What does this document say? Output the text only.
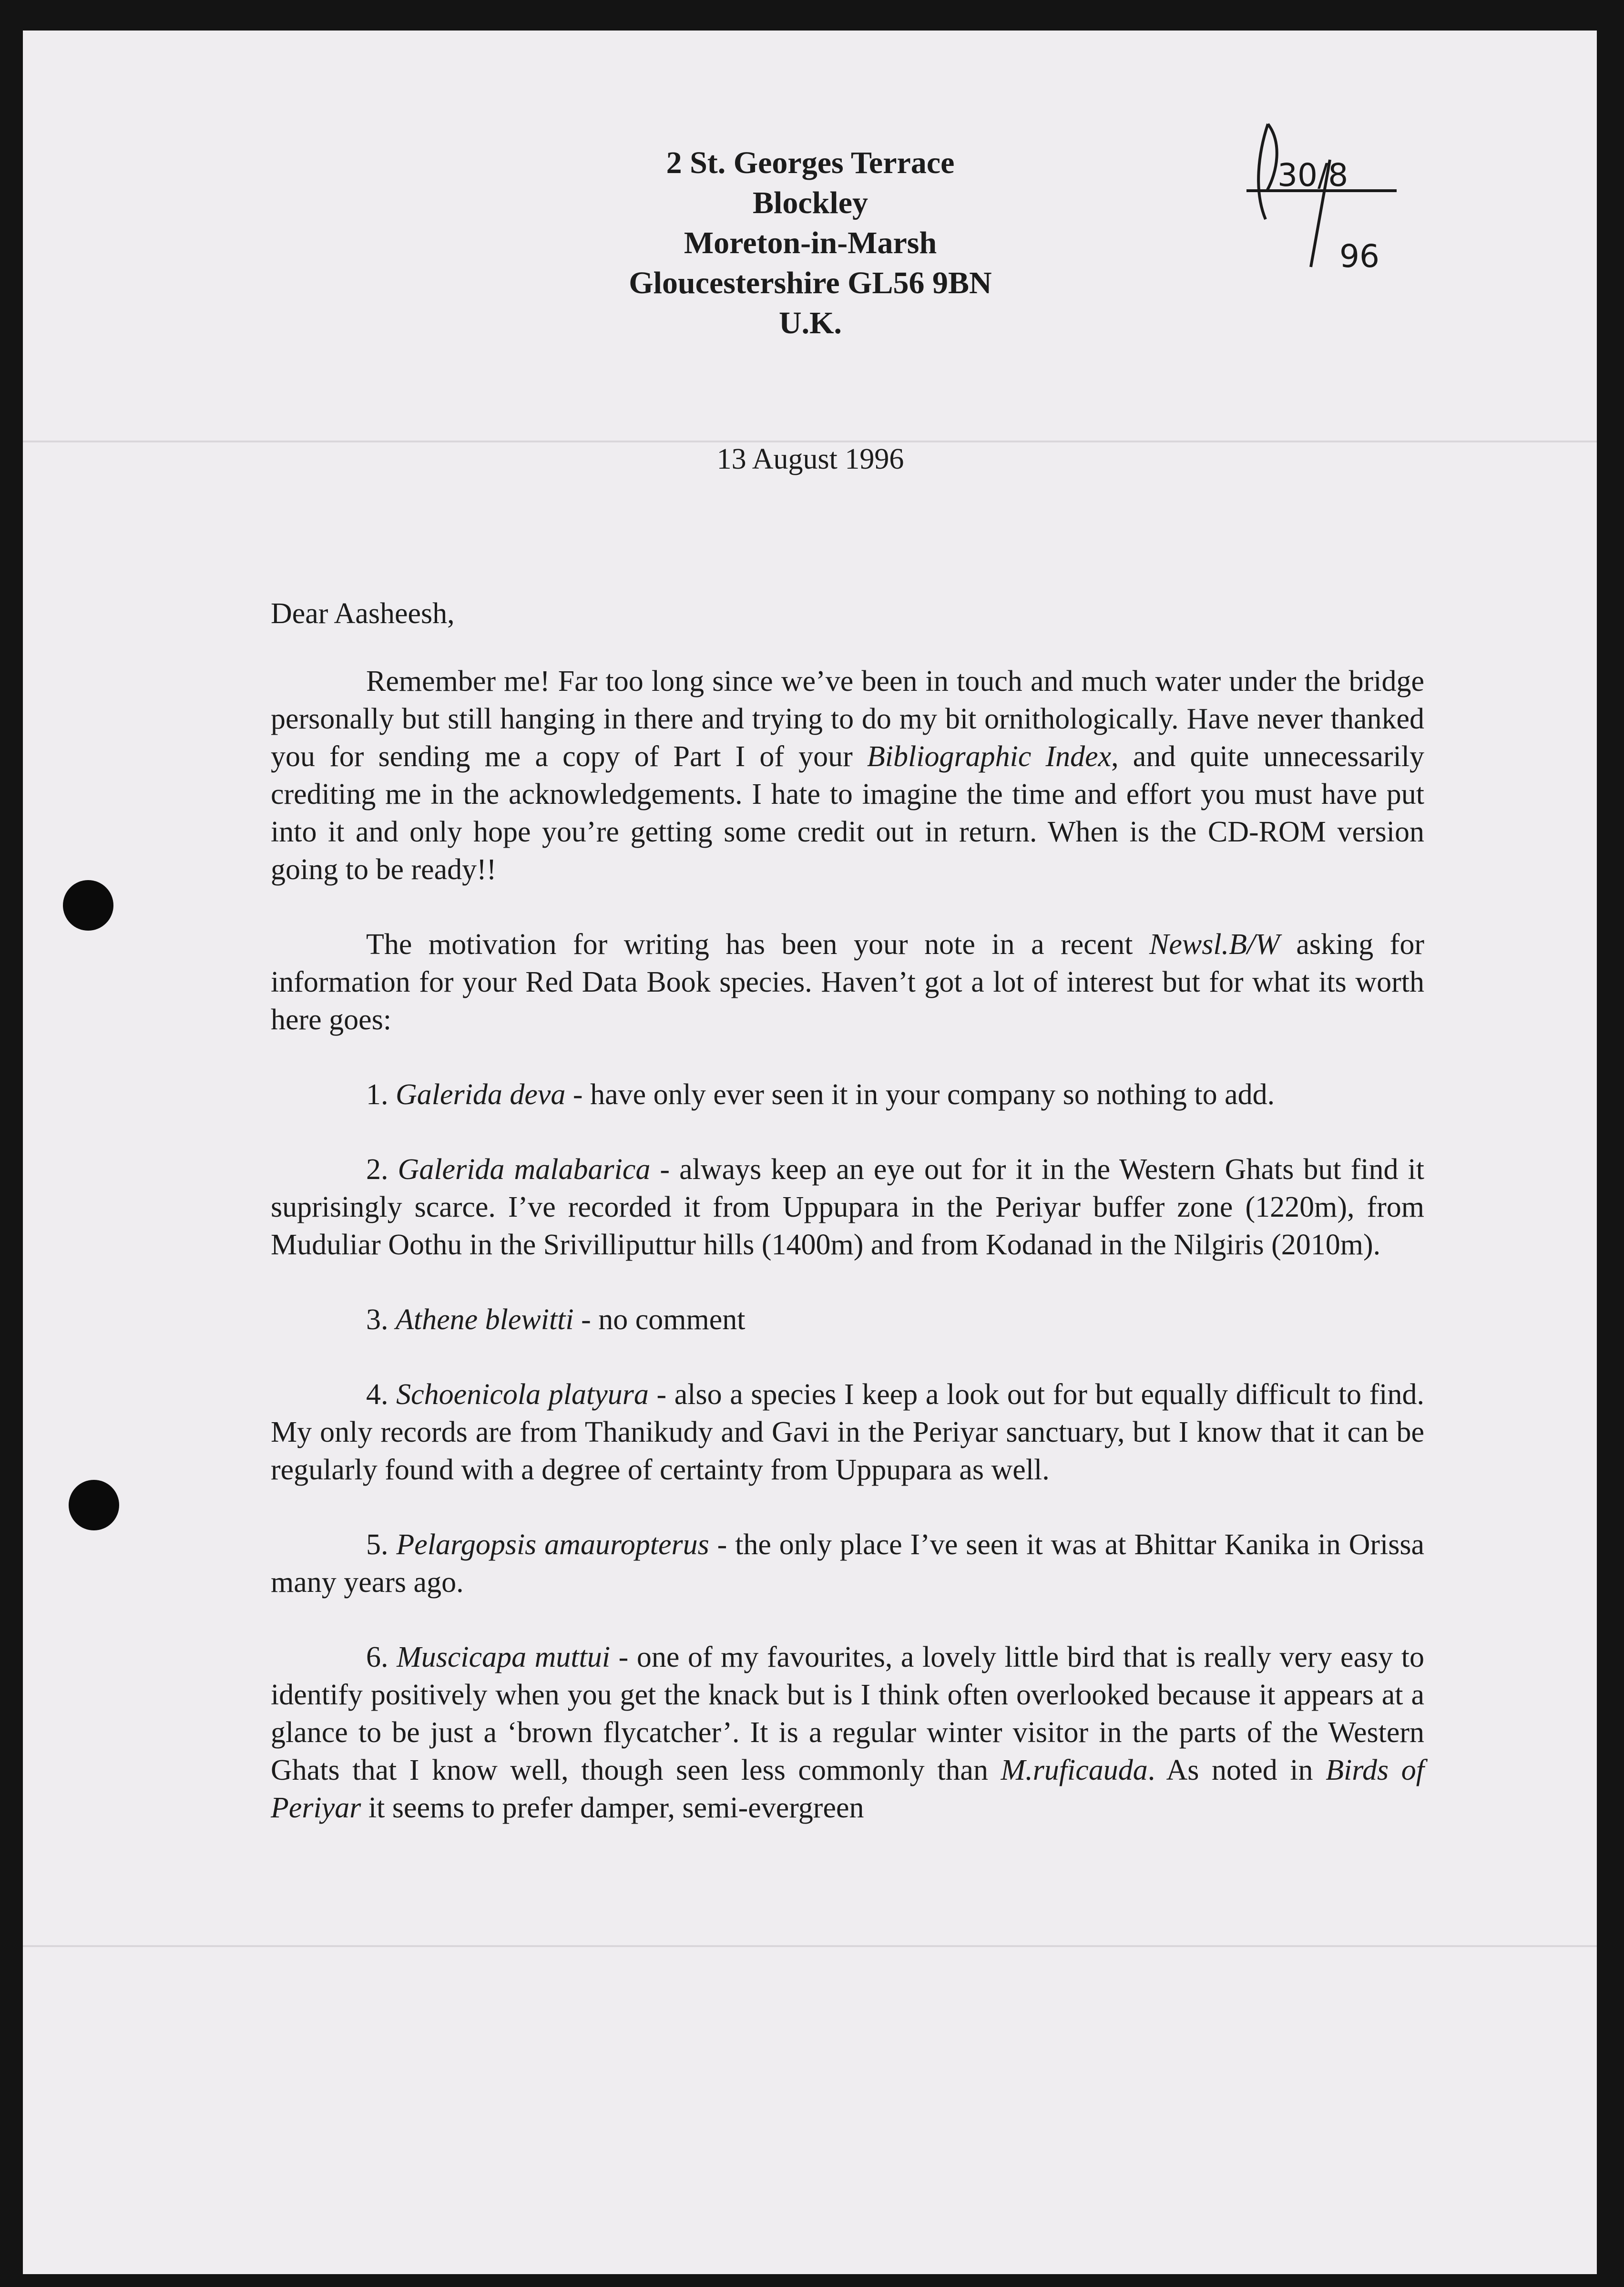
2 St. Georges Terrace
Blockley
Moreton-in-Marsh
Gloucestershire GL56 9BN
U.K.
30/8
96
13 August 1996
Dear Aasheesh,

Remember me! Far too long since we’ve been in touch and much water under the bridge personally but still hanging in there and trying to do my bit ornithologically. Have never thanked you for sending me a copy of Part I of your Bibliographic Index, and quite unnecessarily crediting me in the acknowledgements. I hate to imagine the time and effort you must have put into it and only hope you’re getting some credit out in return. When is the CD-ROM version going to be ready!!

The motivation for writing has been your note in a recent Newsl.B/W asking for information for your Red Data Book species. Haven’t got a lot of interest but for what its worth here goes:

1. Galerida deva - have only ever seen it in your company so nothing to add.

2. Galerida malabarica - always keep an eye out for it in the Western Ghats but find it suprisingly scarce. I’ve recorded it from Uppupara in the Periyar buffer zone (1220m), from Muduliar Oothu in the Srivilliputtur hills (1400m) and from Kodanad in the Nilgiris (2010m).

3. Athene blewitti - no comment

4. Schoenicola platyura - also a species I keep a look out for but equally difficult to find. My only records are from Thanikudy and Gavi in the Periyar sanctuary, but I know that it can be regularly found with a degree of certainty from Uppupara as well.

5. Pelargopsis amauropterus - the only place I’ve seen it was at Bhittar Kanika in Orissa many years ago.

6. Muscicapa muttui - one of my favourites, a lovely little bird that is really very easy to identify positively when you get the knack but is I think often overlooked because it appears at a glance to be just a ‘brown flycatcher’. It is a regular winter visitor in the parts of the Western Ghats that I know well, though seen less commonly than M.ruficauda. As noted in Birds of Periyar it seems to prefer damper, semi-evergreen
